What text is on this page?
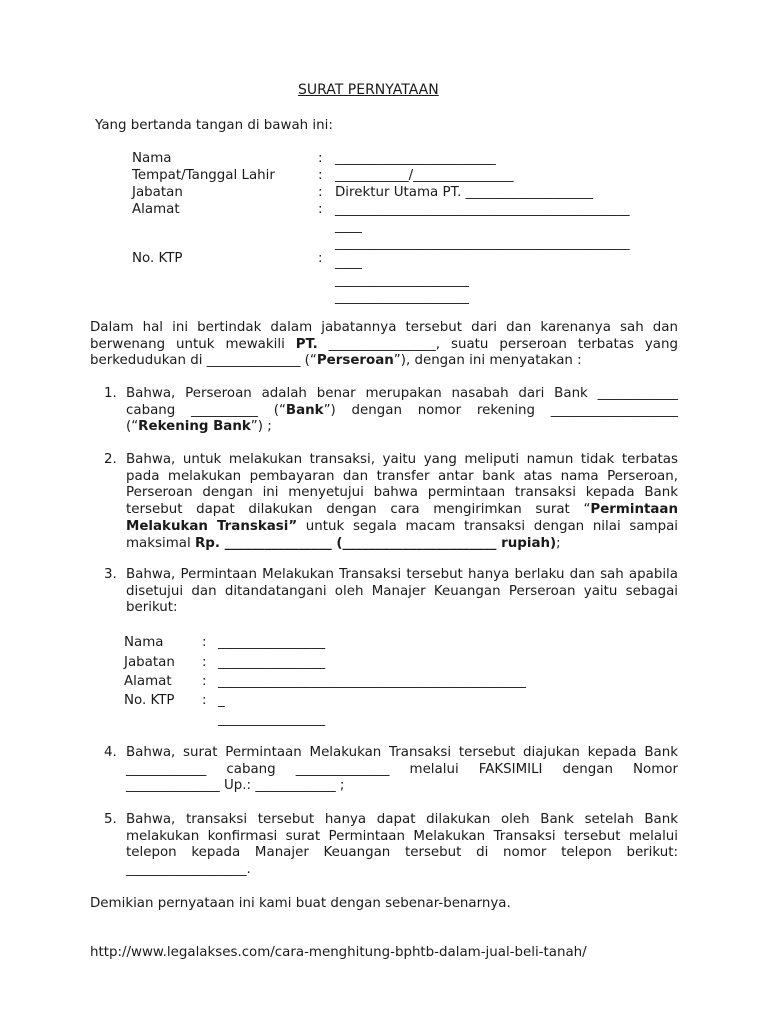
SURAT PERNYATAAN
Yang bertanda tangan di bawah ini:
Nama	: ________________________
Tempat/Tanggal Lahir	: ___________/_______________
Jabatan	: Direktur Utama PT. ___________________
Alamat	: ____________________________________________
____
____________________________________________
No. KTP	: ____
____________________
____________________
Dalam hal ini bertindak dalam jabatannya tersebut dari dan karenanya sah dan berwenang untuk mewakili PT. ________________, suatu perseroan terbatas yang berkedudukan di ______________ (“Perseroan”), dengan ini menyatakan :
1. Bahwa, Perseroan adalah benar merupakan nasabah dari Bank ____________ cabang __________ (“Bank”) dengan nomor rekening ___________________ (“Rekening Bank”) ;
2. Bahwa, untuk melakukan transaksi, yaitu yang meliputi namun tidak terbatas pada melakukan pembayaran dan transfer antar bank atas nama Perseroan, Perseroan dengan ini menyetujui bahwa permintaan transaksi kepada Bank tersebut dapat dilakukan dengan cara mengirimkan surat “Permintaan Melakukan Transkasi” untuk segala macam transaksi dengan nilai sampai maksimal Rp. ________________ (_______________________ rupiah);
3. Bahwa, Permintaan Melakukan Transaksi tersebut hanya berlaku dan sah apabila disetujui dan ditandatangani oleh Manajer Keuangan Perseroan yaitu sebagai berikut:
Nama	: ________________
Jabatan : ________________
Alamat : ______________________________________________
No. KTP : _
________________
4. Bahwa, surat Permintaan Melakukan Transaksi tersebut diajukan kepada Bank ____________ cabang ______________ melalui FAKSIMILI dengan Nomor ______________ Up.: ____________ ;
5. Bahwa, transaksi tersebut hanya dapat dilakukan oleh Bank setelah Bank melakukan konfirmasi surat Permintaan Melakukan Transaksi tersebut melalui telepon kepada Manajer Keuangan tersebut di nomor telepon berikut: __________________.
Demikian pernyataan ini kami buat dengan sebenar-benarnya.
http://www.legalakses.com/cara-menghitung-bphtb-dalam-jual-beli-tanah/
